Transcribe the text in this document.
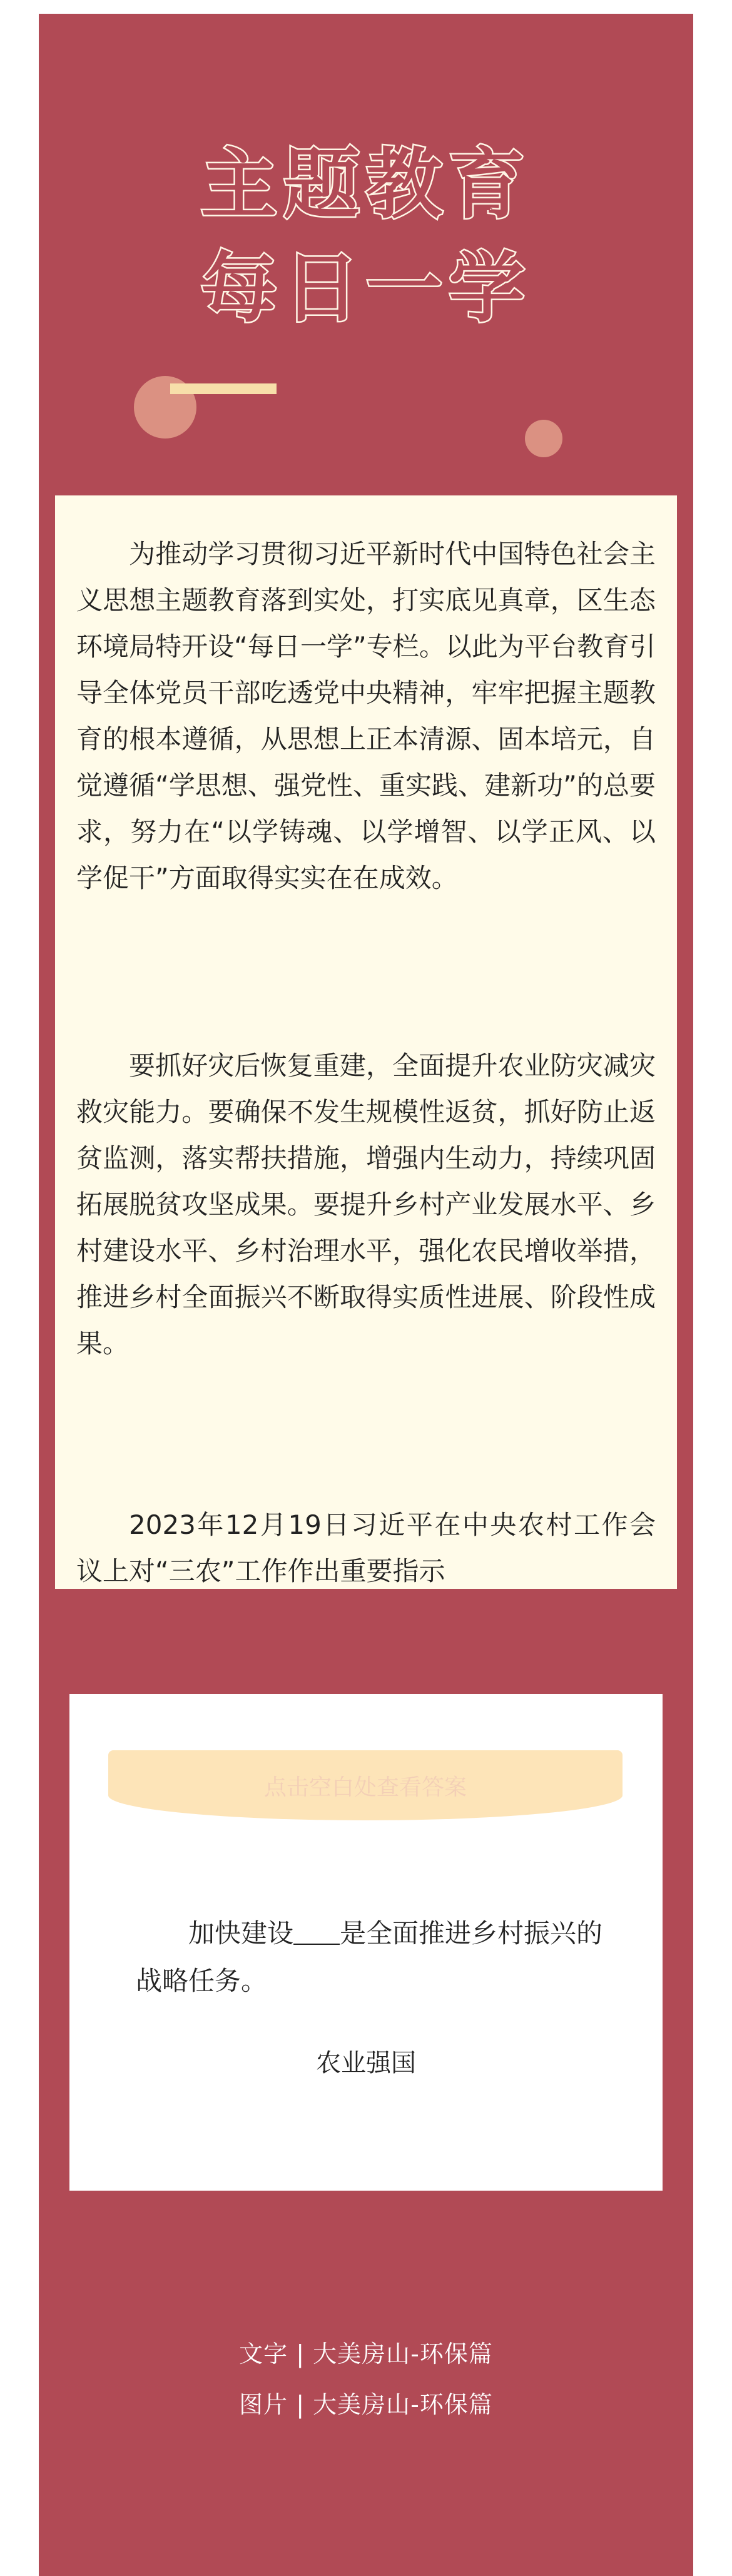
主题教育
每日一学

为推动学习贯彻习近平新时代中国特色社会主义思想主题教育落到实处，打实底见真章，区生态环境局特开设“每日一学”专栏。以此为平台教育引导全体党员干部吃透党中央精神，牢牢把握主题教育的根本遵循，从思想上正本清源、固本培元，自觉遵循“学思想、强党性、重实践、建新功”的总要求，努力在“以学铸魂、以学增智、以学正风、以学促干”方面取得实实在在成效。

要抓好灾后恢复重建，全面提升农业防灾减灾救灾能力。要确保不发生规模性返贫，抓好防止返贫监测，落实帮扶措施，增强内生动力，持续巩固拓展脱贫攻坚成果。要提升乡村产业发展水平、乡村建设水平、乡村治理水平，强化农民增收举措，推进乡村全面振兴不断取得实质性进展、阶段性成果。

2023年12月19日习近平在中央农村工作会议上对“三农”工作作出重要指示

点击空白处查看答案

加快建设 是全面推进乡村振兴的战略任务。

农业强国
文字 | 大美房山-环保篇
图片 | 大美房山-环保篇
